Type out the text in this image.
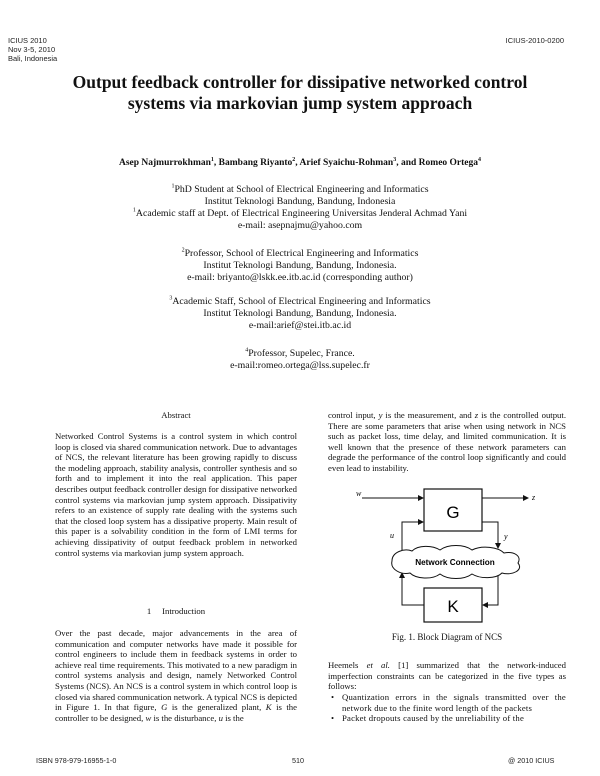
ICIUS 2010
Nov 3-5, 2010
Bali, Indonesia
ICIUS-2010-0200
Output feedback controller for dissipative networked control
systems via markovian jump system approach
Asep Najmurrokhman$^1$, Bambang Riyanto$^2$, Arief Syaichu-Rohman$^3$, and Romeo Ortega$^4$
$^1$PhD Student at School of Electrical Engineering and Informatics
Institut Teknologi Bandung, Bandung, Indonesia
$^1$Academic staff at Dept. of Electrical Engineering Universitas Jenderal Achmad Yani
e-mail: asepnajmu@yahoo.com
$^2$Professor, School of Electrical Engineering and Informatics
Institut Teknologi Bandung, Bandung, Indonesia.
e-mail: briyanto@lskk.ee.itb.ac.id (corresponding author)
$^3$Academic Staff, School of Electrical Engineering and Informatics
Institut Teknologi Bandung, Bandung, Indonesia.
e-mail:arief@stei.itb.ac.id
$^4$Professor, Supelec, France.
e-mail:romeo.ortega@lss.supelec.fr
Abstract
Networked Control Systems is a control system in which control loop is closed via shared communication network. Due to advantages of NCS, the relevant literature has been growing rapidly to discuss the modeling approach, stability analysis, controller synthesis and so forth and to implement it into the real application. This paper describes output feedback controller design for dissipative networked control systems via markovian jump system approach. Dissipativity refers to an existence of supply rate dealing with the systems such that the closed loop system has a dissipative property. Main result of this paper is a solvability condition in the form of LMI terms for achieving dissipativity of output feedback problem in networked control systems via markovian jump system approach.
1 Introduction
Over the past decade, major advancements in the area of communication and computer networks have made it possible for control engineers to include them in feedback systems in order to achieve real time requirements. This motivated to a new paradigm in control systems analysis and design, namely Networked Control Systems (NCS). An NCS is a control system in which control loop is closed via shared communication network. A typical NCS is depicted in Figure 1. In that figure, G is the generalized plant, K is the controller to be designed, w is the disturbance, u is the
control input, y is the measurement, and z is the controlled output. There are some parameters that arise when using network in NCS such as packet loss, time delay, and limited communication. It is well known that the presence of these network parameters can degrade the performance of the control loop significantly and could even lead to instability.
G
K
w	z
y
u
Network Connection
Fig. 1. Block Diagram of NCS
Heemels et al. [1] summarized that the network-induced imperfection constraints can be categorized in the five types as follows:
• Quantization errors in the signals transmitted over the network due to the finite word length of the packets
• Packet dropouts caused by the unreliability of the
ISBN 978-979-16955-1-0	510	@ 2010 ICIUS
